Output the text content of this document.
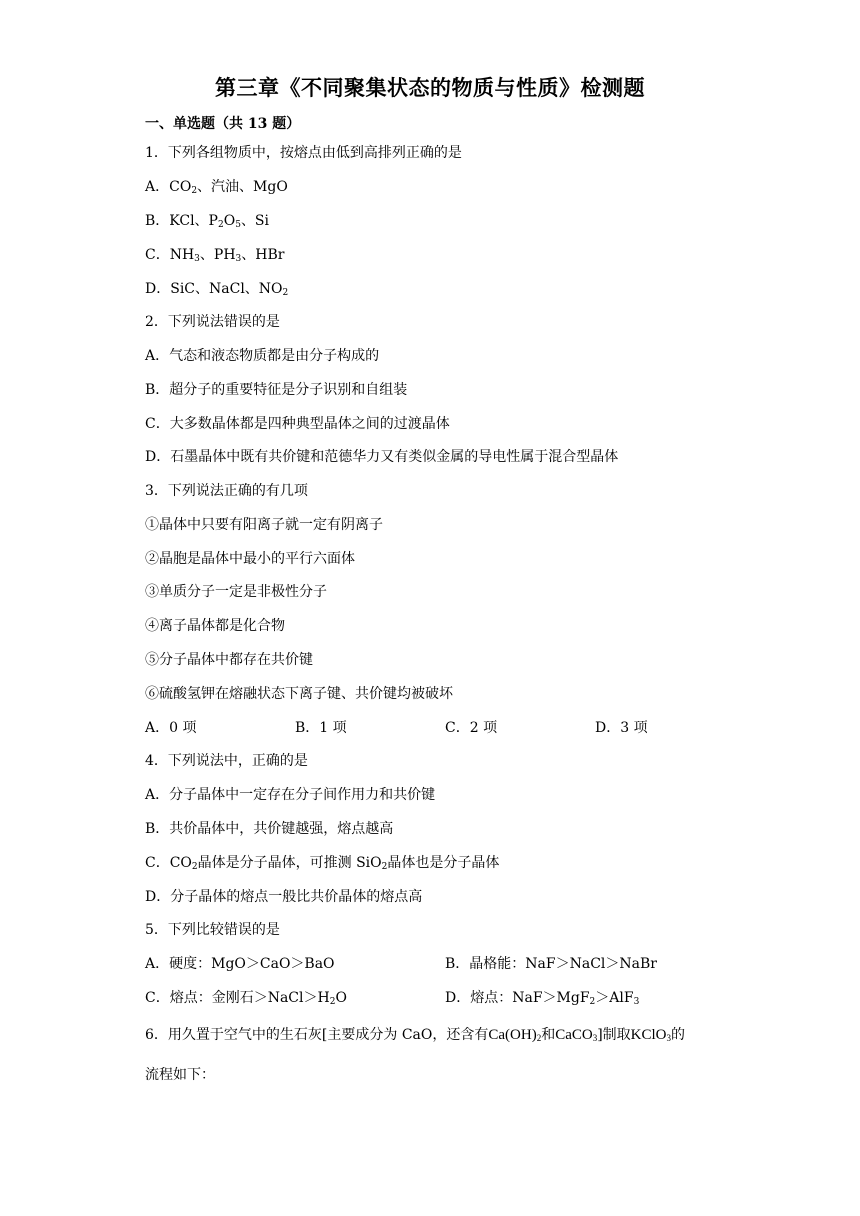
第三章《不同聚集状态的物质与性质》检测题
一、单选题（共 13 题）
1．下列各组物质中，按熔点由低到高排列正确的是
A．$CO_2$、汽油、MgO
B．KCl、$P_2O_5$、Si
C．$NH_3$、$PH_3$、HBr
D．SiC、NaCl、$NO_2$
2．下列说法错误的是
A．气态和液态物质都是由分子构成的
B．超分子的重要特征是分子识别和自组装
C．大多数晶体都是四种典型晶体之间的过渡晶体
D．石墨晶体中既有共价键和范德华力又有类似金属的导电性属于混合型晶体
3．下列说法正确的有几项
①晶体中只要有阳离子就一定有阴离子
②晶胞是晶体中最小的平行六面体
③单质分子一定是非极性分子
④离子晶体都是化合物
⑤分子晶体中都存在共价键
⑥硫酸氢钾在熔融状态下离子键、共价键均被破坏
A．0 项	B．1 项	C．2 项	D．3 项
4．下列说法中，正确的是
A．分子晶体中一定存在分子间作用力和共价键
B．共价晶体中，共价键越强，熔点越高
C．$CO_2$晶体是分子晶体，可推测 SiO$_2$晶体也是分子晶体
D．分子晶体的熔点一般比共价晶体的熔点高
5．下列比较错误的是
A．硬度：MgO＞CaO＞BaO	B．晶格能：NaF＞NaCl＞NaBr
C．熔点：金刚石$>NaCl>H_2O$	D．熔点：NaF＞MgF$_2$＞AlF$_3$
6．用久置于空气中的生石灰[主要成分为 CaO，还含有$Ca(OH)_2$和CaCO$_3$]制取KClO$_3$的
流程如下：
